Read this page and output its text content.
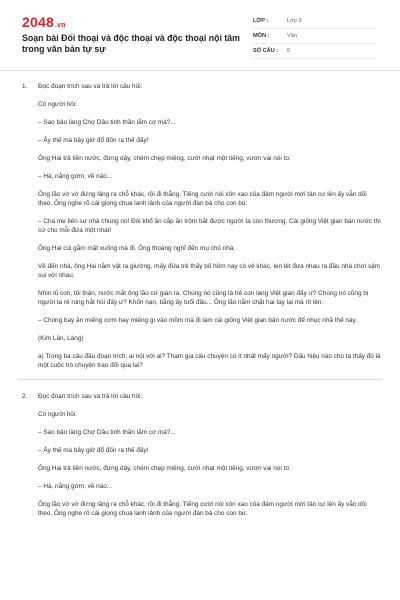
2048.vn
Soạn bài Đối thoại và độc thoại và độc thoại nội tâm trong văn bản tự sự
LỚP :	Lớp 9
MÔN :	Văn
SỐ CÂU :	6
1. Đọc đoạn trích sau và trả lời câu hỏi:

Có người hỏi:

– Sao bảo làng Chợ Dầu tinh thần lắm cơ mà?...

– Ấy thế mà bây giờ đổ đốn ra thế đấy!

Ông Hai trả tiền nước, đứng dậy, chèm chẹp miệng, cười nhạt một tiếng, vươn vai nói to:

– Hà, nắng gớm, về nào...

Ông lão vờ vờ đứng lảng ra chỗ khác, rồi đi thẳng. Tiếng cười nói xôn xao của đám người mới tản cư lên ấy vẫn dõi theo. Ông nghe rõ cái giọng chua lanh lảnh của người đàn bà cho con bú:

– Cha mẹ tiên sư nhà chúng nó! Đói khổ ăn cắp ăn trộm bắt được người ta còn thương. Cái giống Việt gian bán nước thì cứ cho mỗi đứa một nhát!

Ông Hai cúi gằm mặt xuống mà đi. Ông thoáng nghĩ đến mụ chủ nhà.

Về đến nhà, ông Hai nằm vật ra giường, mấy đứa trẻ thấy bố hôm nay có vẻ khác, len lét đưa nhau ra đầu nhà chơi sậm sụi với nhau.

Nhìn lũ con, tủi thân, nước mắt ông lão cứ giàn ra. Chúng nó cũng là trẻ con làng Việt gian đấy ư? Chúng nó cũng bị người ta rẻ rúng hắt hủi đấy ư? Khốn nạn, bằng ấy tuổi đầu... Ông lão nắm chặt hai tay lại mà rít lên:

– Chúng bay ăn miếng cơm hay miếng gì vào mồm mà đi làm cái giống Việt gian bán nước để nhục nhã thế này.

(Kim Lân, Làng)

a) Trong ba câu đầu đoạn trích, ai nói với ai? Tham gia câu chuyện có ít nhất mấy người? Dấu hiệu nào cho ta thấy đó là một cuộc trò chuyện trao đổi qua lại?

2. Đọc đoạn trích sau và trả lời câu hỏi:

Có người hỏi:

– Sao bảo làng Chợ Dầu tinh thần lắm cơ mà?...

– Ấy thế mà bây giờ đổ đốn ra thế đấy!

Ông Hai trả tiền nước, đứng dậy, chèm chẹp miệng, cười nhạt một tiếng, vươn vai nói to:

– Hà, nắng gớm, về nào...

Ông lão vờ vờ đứng lảng ra chỗ khác, rồi đi thẳng. Tiếng cười nói xôn xao của đám người mới tản cư lên ấy vẫn dõi theo. Ông nghe rõ cái giọng chua lanh lảnh của người đàn bà cho con bú:
